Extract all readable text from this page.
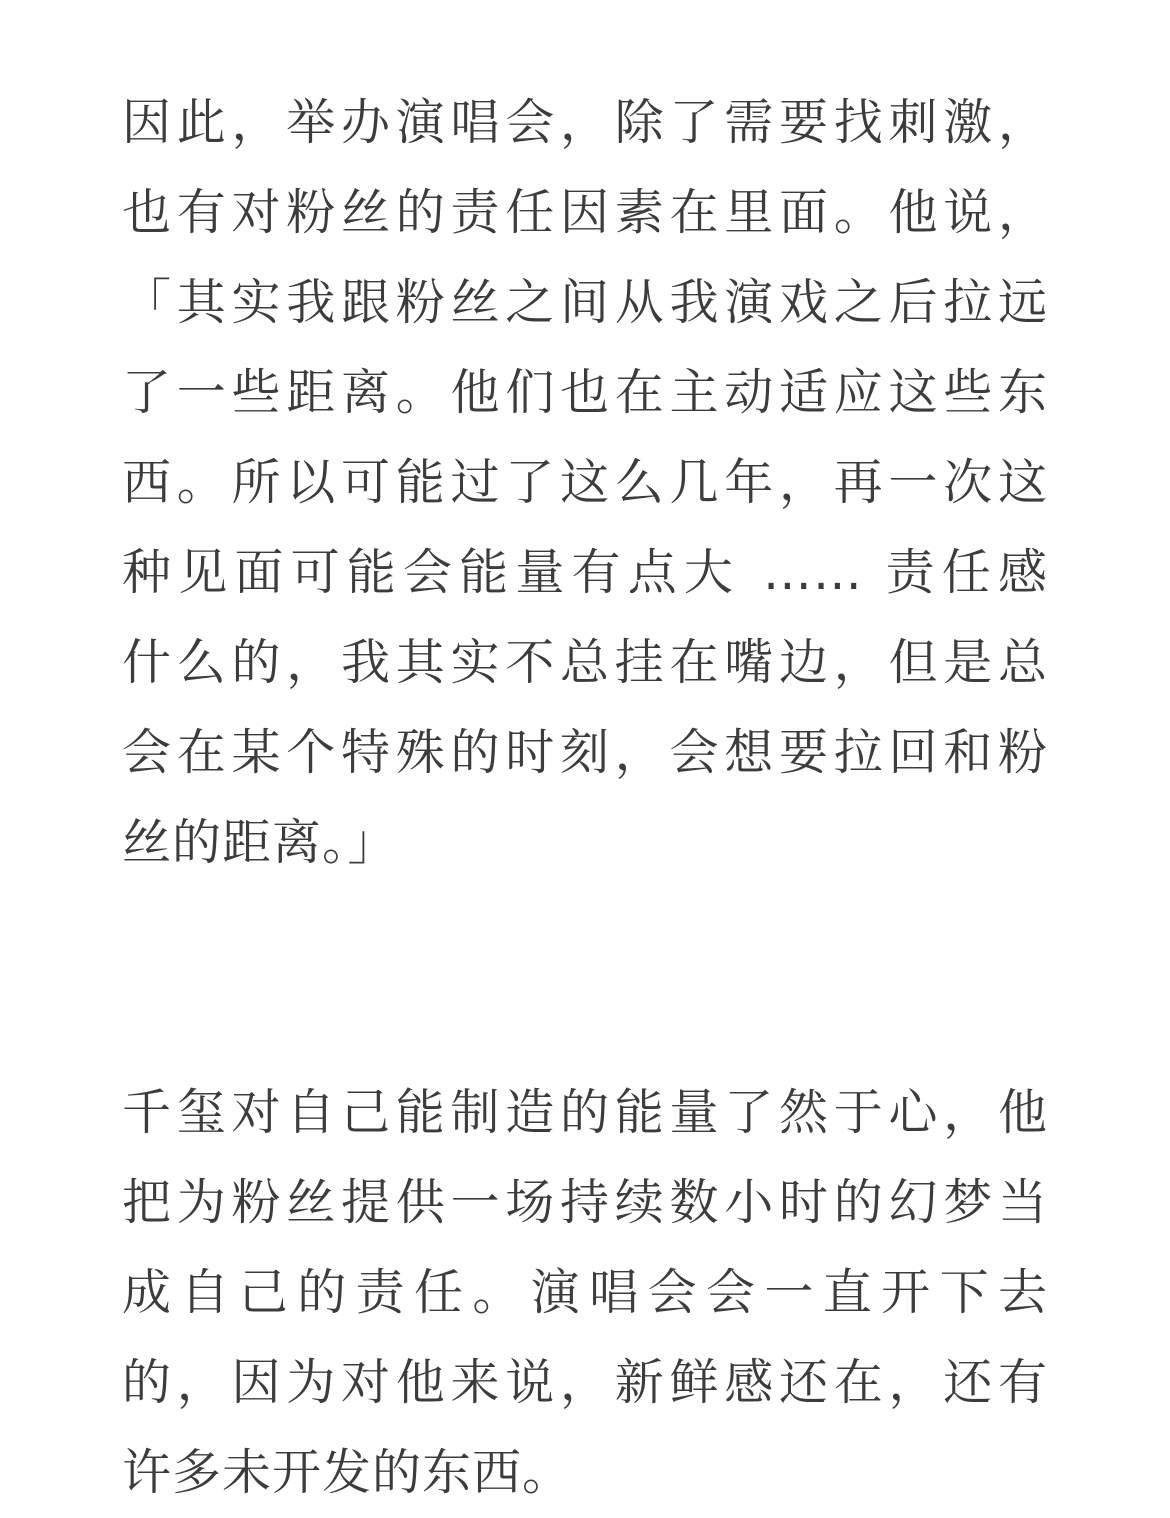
因此，举办演唱会，除了需要找刺激，
也有对粉丝的责任因素在里面。他说，
「其实我跟粉丝之间从我演戏之后拉远
了一些距离。他们也在主动适应这些东
西。所以可能过了这么几年，再一次这
种见面可能会能量有点大 …… 责任感
什么的，我其实不总挂在嘴边，但是总
会在某个特殊的时刻，会想要拉回和粉
丝的距离。」
千玺对自己能制造的能量了然于心，他
把为粉丝提供一场持续数小时的幻梦当
成自己的责任。演唱会会一直开下去
的，因为对他来说，新鲜感还在，还有
许多未开发的东西。
